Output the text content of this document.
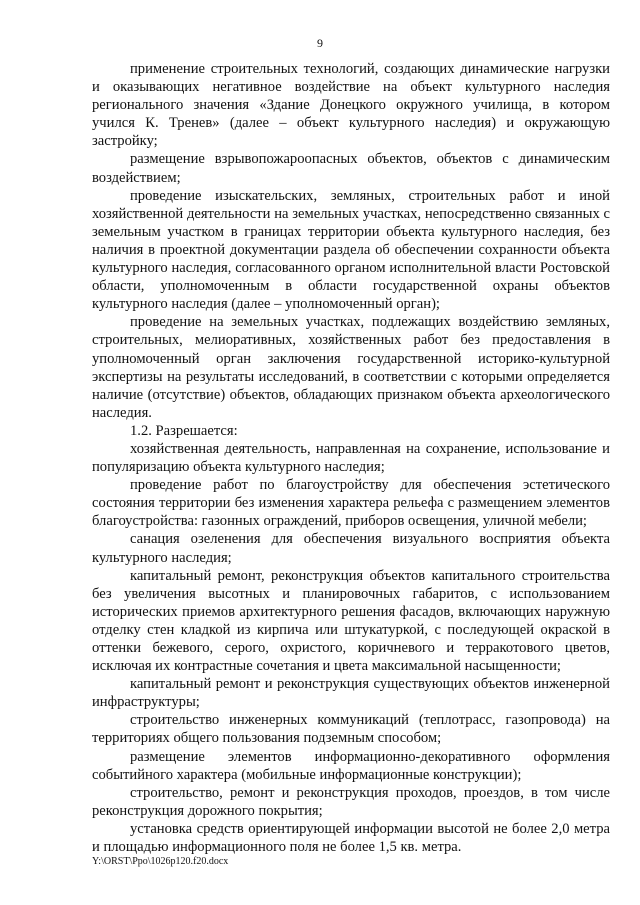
9

применение строительных технологий, создающих динамические нагрузки и оказывающих негативное воздействие на объект культурного наследия регионального значения «Здание Донецкого окружного училища, в котором учился К. Тренев» (далее – объект культурного наследия) и окружающую застройку;

размещение взрывопожароопасных объектов, объектов с динамическим воздействием;

проведение изыскательских, земляных, строительных работ и иной хозяйственной деятельности на земельных участках, непосредственно связанных с земельным участком в границах территории объекта культурного наследия, без наличия в проектной документации раздела об обеспечении сохранности объекта культурного наследия, согласованного органом исполнительной власти Ростовской области, уполномоченным в области государственной охраны объектов культурного наследия (далее – уполномоченный орган);

проведение на земельных участках, подлежащих воздействию земляных, строительных, мелиоративных, хозяйственных работ без предоставления в уполномоченный орган заключения государственной историко-культурной экспертизы на результаты исследований, в соответствии с которыми определяется наличие (отсутствие) объектов, обладающих признаком объекта археологического наследия.

1.2. Разрешается:

хозяйственная деятельность, направленная на сохранение, использование и популяризацию объекта культурного наследия;

проведение работ по благоустройству для обеспечения эстетического состояния территории без изменения характера рельефа с размещением элементов благоустройства: газонных ограждений, приборов освещения, уличной мебели;

санация озеленения для обеспечения визуального восприятия объекта культурного наследия;

капитальный ремонт, реконструкция объектов капитального строительства без увеличения высотных и планировочных габаритов, с использованием исторических приемов архитектурного решения фасадов, включающих наружную отделку стен кладкой из кирпича или штукатуркой, с последующей окраской в оттенки бежевого, серого, охристого, коричневого и терракотового цветов, исключая их контрастные сочетания и цвета максимальной насыщенности;

капитальный ремонт и реконструкция существующих объектов инженерной инфраструктуры;

строительство инженерных коммуникаций (теплотрасс, газопровода) на территориях общего пользования подземным способом;

размещение элементов информационно-декоративного оформления событийного характера (мобильные информационные конструкции);

строительство, ремонт и реконструкция проходов, проездов, в том числе реконструкция дорожного покрытия;

установка средств ориентирующей информации высотой не более 2,0 метра и площадью информационного поля не более 1,5 кв. метра.

Y:\ORST\Ppo\1026p120.f20.docx
